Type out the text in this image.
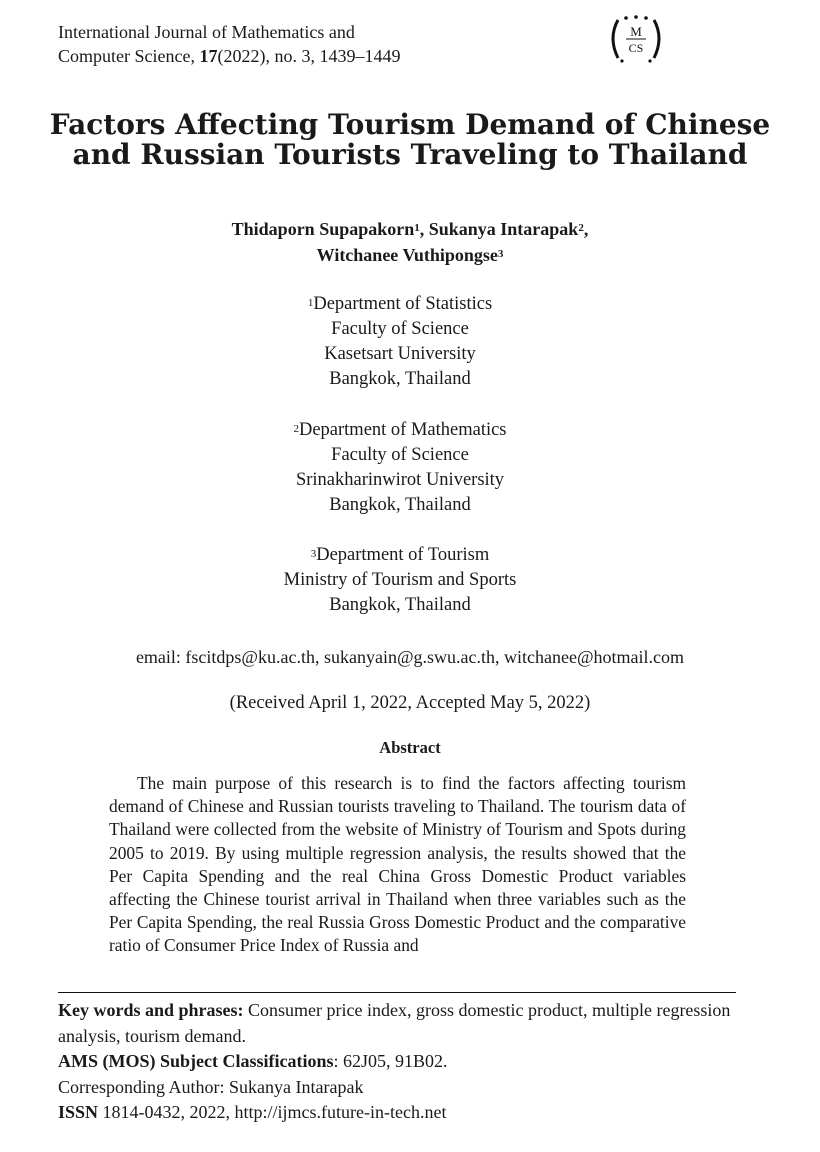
International Journal of Mathematics and
Computer Science, 17(2022), no. 3, 1439–1449
M
CS
Factors Affecting Tourism Demand of Chinese
and Russian Tourists Traveling to Thailand
Thidaporn Supapakorn$^1$, Sukanya Intarapak$^2$,
Witchanee Vuthipongse$^3$
$^1$Department of Statistics
Faculty of Science
Kasetsart University
Bangkok, Thailand
$^2$Department of Mathematics
Faculty of Science
Srinakharinwirot University
Bangkok, Thailand
$^3$Department of Tourism
Ministry of Tourism and Sports
Bangkok, Thailand
email: fscitdps@ku.ac.th, sukanyain@g.swu.ac.th, witchanee@hotmail.com
(Received April 1, 2022, Accepted May 5, 2022)
Abstract
The main purpose of this research is to find the factors affecting tourism demand of Chinese and Russian tourists traveling to Thailand. The tourism data of Thailand were collected from the website of Ministry of Tourism and Spots during 2005 to 2019. By using multiple regression analysis, the results showed that the Per Capita Spending and the real China Gross Domestic Product variables affecting the Chinese tourist arrival in Thailand when three variables such as the Per Capita Spending, the real Russia Gross Domestic Product and the comparative ratio of Consumer Price Index of Russia and
Key words and phrases: Consumer price index, gross domestic product, multiple regression analysis, tourism demand.
AMS (MOS) Subject Classifications: 62J05, 91B02.
Corresponding Author: Sukanya Intarapak
ISSN 1814-0432, 2022, http://ijmcs.future-in-tech.net
